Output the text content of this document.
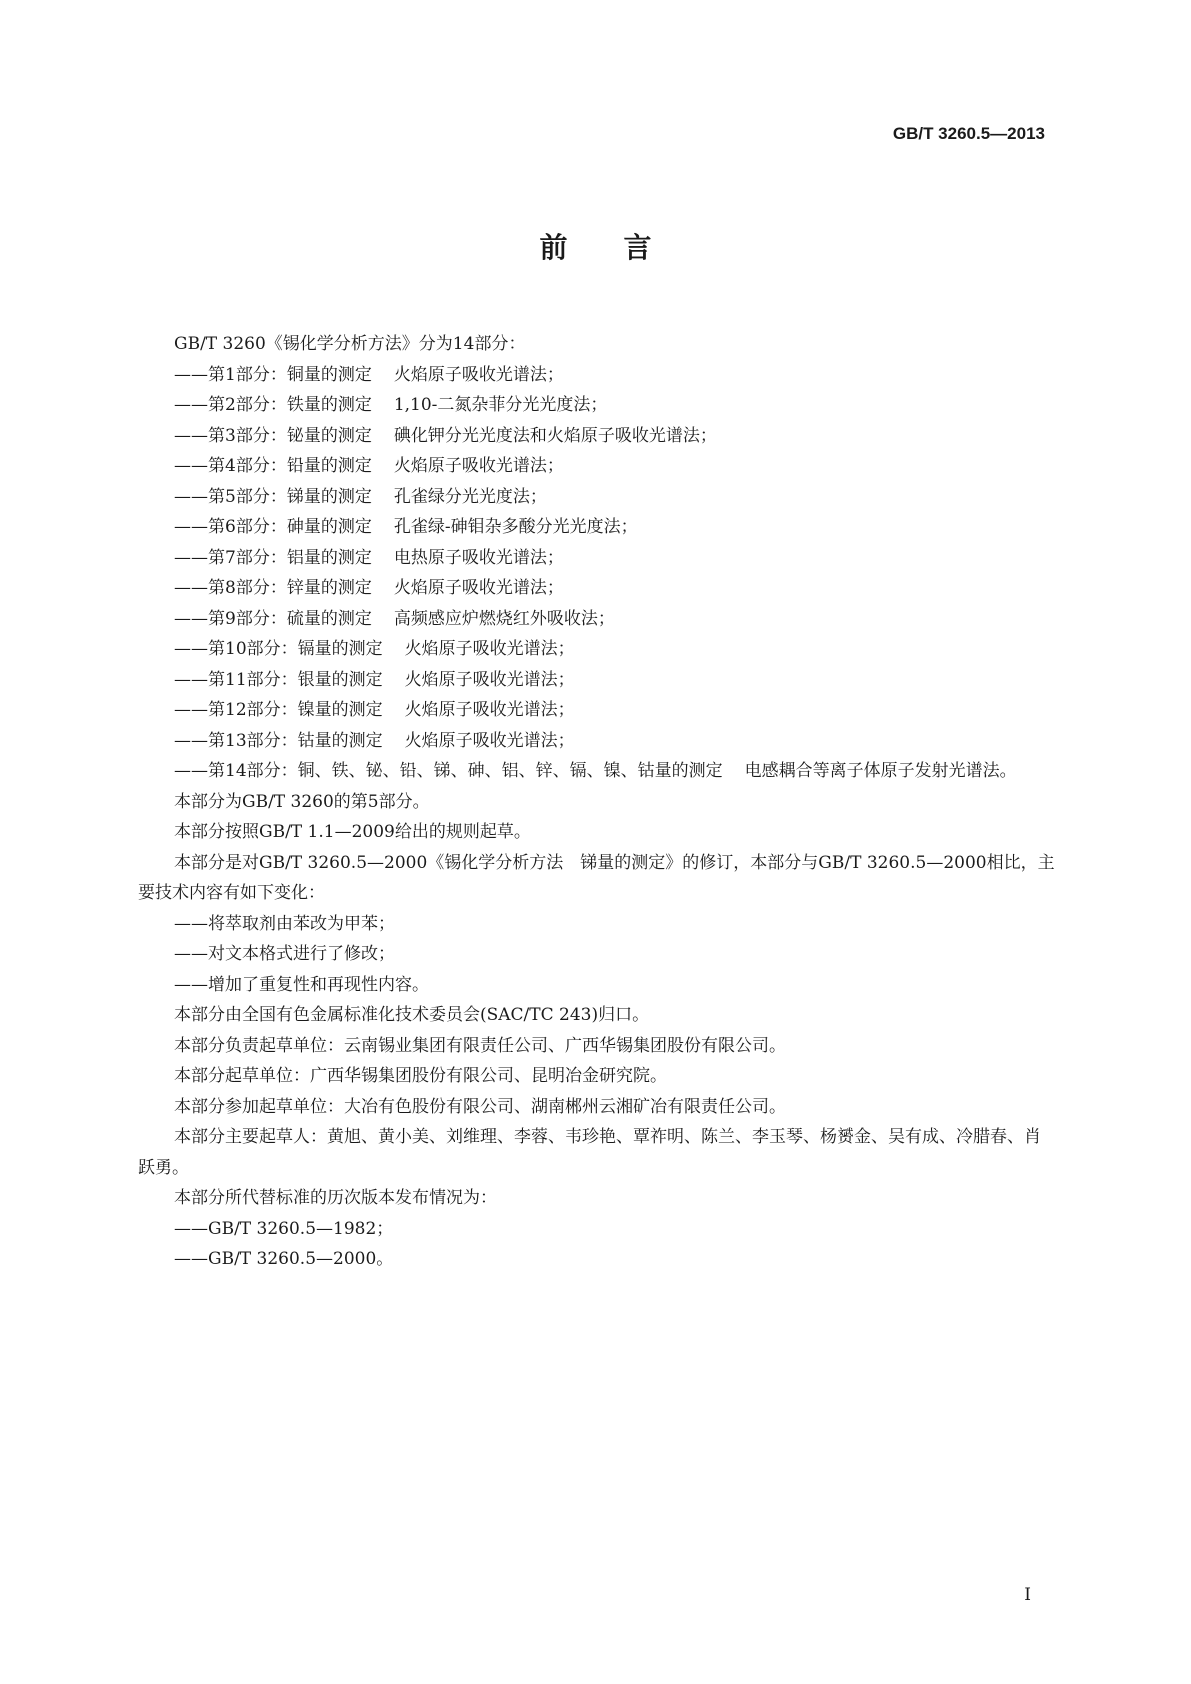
GB/T 3260.5—2013
前言

GB/T 3260《锡化学分析方法》分为14部分：

——第1部分：铜量的测定 火焰原子吸收光谱法；

——第2部分：铁量的测定 1,10-二氮杂菲分光光度法；

——第3部分：铋量的测定 碘化钾分光光度法和火焰原子吸收光谱法；

——第4部分：铅量的测定 火焰原子吸收光谱法；

——第5部分：锑量的测定 孔雀绿分光光度法；

——第6部分：砷量的测定 孔雀绿-砷钼杂多酸分光光度法；

——第7部分：铝量的测定 电热原子吸收光谱法；

——第8部分：锌量的测定 火焰原子吸收光谱法；

——第9部分：硫量的测定 高频感应炉燃烧红外吸收法；

——第10部分：镉量的测定 火焰原子吸收光谱法；

——第11部分：银量的测定 火焰原子吸收光谱法；

——第12部分：镍量的测定 火焰原子吸收光谱法；

——第13部分：钴量的测定 火焰原子吸收光谱法；

——第14部分：铜、铁、铋、铅、锑、砷、铝、锌、镉、镍、钴量的测定 电感耦合等离子体原子发射光谱法。

本部分为GB/T 3260的第5部分。

本部分按照GB/T 1.1—2009给出的规则起草。

本部分是对GB/T 3260.5—2000《锡化学分析方法　锑量的测定》的修订，本部分与GB/T 3260.5—2000相比，主要技术内容有如下变化：

——将萃取剂由苯改为甲苯；

——对文本格式进行了修改；

——增加了重复性和再现性内容。

本部分由全国有色金属标准化技术委员会(SAC/TC 243)归口。

本部分负责起草单位：云南锡业集团有限责任公司、广西华锡集团股份有限公司。

本部分起草单位：广西华锡集团股份有限公司、昆明冶金研究院。

本部分参加起草单位：大冶有色股份有限公司、湖南郴州云湘矿冶有限责任公司。

本部分主要起草人：黄旭、黄小美、刘维理、李蓉、韦珍艳、覃祚明、陈兰、李玉琴、杨赟金、吴有成、冷腊春、肖跃勇。

本部分所代替标准的历次版本发布情况为：

——GB/T 3260.5—1982；

——GB/T 3260.5—2000。

I
